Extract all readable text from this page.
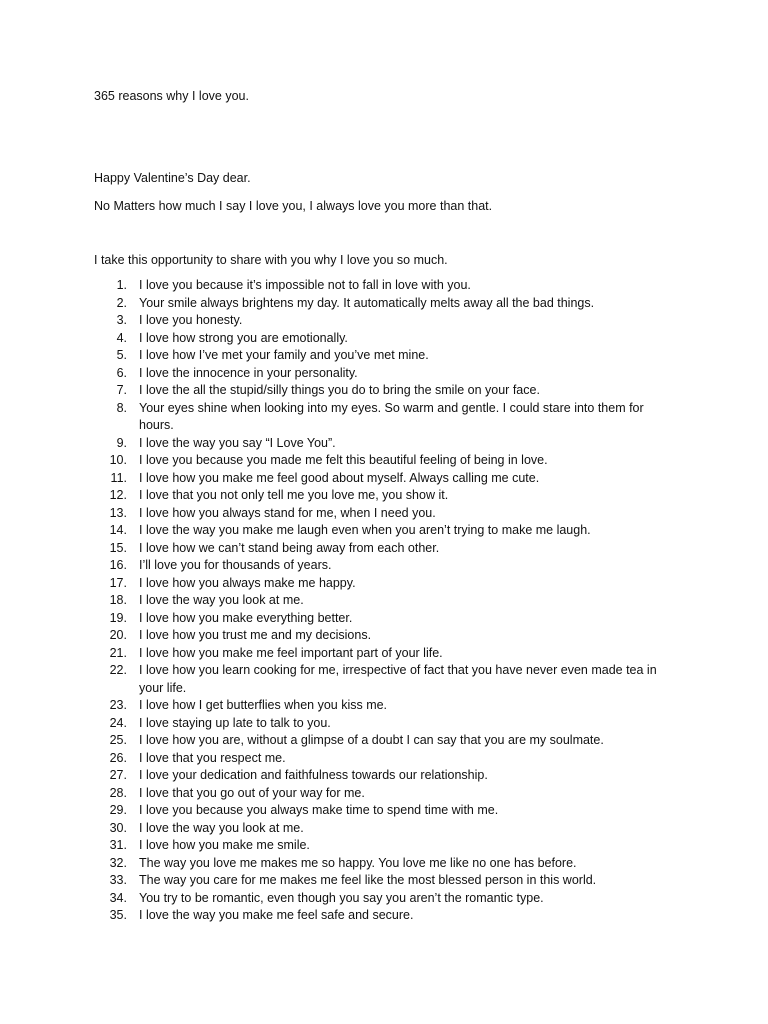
365 reasons why I love you.

Happy Valentine’s Day dear.

No Matters how much I say I love you, I always love you more than that.

I take this opportunity to share with you why I love you so much.

1. I love you because it’s impossible not to fall in love with you.
2. Your smile always brightens my day. It automatically melts away all the bad things.
3. I love you honesty.
4. I love how strong you are emotionally.
5. I love how I’ve met your family and you’ve met mine.
6. I love the innocence in your personality.
7. I love the all the stupid/silly things you do to bring the smile on your face.
8. Your eyes shine when looking into my eyes. So warm and gentle. I could stare into them for hours.
9. I love the way you say “I Love You”.
10. I love you because you made me felt this beautiful feeling of being in love.
11. I love how you make me feel good about myself. Always calling me cute.
12. I love that you not only tell me you love me, you show it.
13. I love how you always stand for me, when I need you.
14. I love the way you make me laugh even when you aren’t trying to make me laugh.
15. I love how we can’t stand being away from each other.
16. I’ll love you for thousands of years.
17. I love how you always make me happy.
18. I love the way you look at me.
19. I love how you make everything better.
20. I love how you trust me and my decisions.
21. I love how you make me feel important part of your life.
22. I love how you learn cooking for me, irrespective of fact that you have never even made tea in your life.
23. I love how I get butterflies when you kiss me.
24. I love staying up late to talk to you.
25. I love how you are, without a glimpse of a doubt I can say that you are my soulmate.
26. I love that you respect me.
27. I love your dedication and faithfulness towards our relationship.
28. I love that you go out of your way for me.
29. I love you because you always make time to spend time with me.
30. I love the way you look at me.
31. I love how you make me smile.
32. The way you love me makes me so happy. You love me like no one has before.
33. The way you care for me makes me feel like the most blessed person in this world.
34. You try to be romantic, even though you say you aren’t the romantic type.
35. I love the way you make me feel safe and secure.
